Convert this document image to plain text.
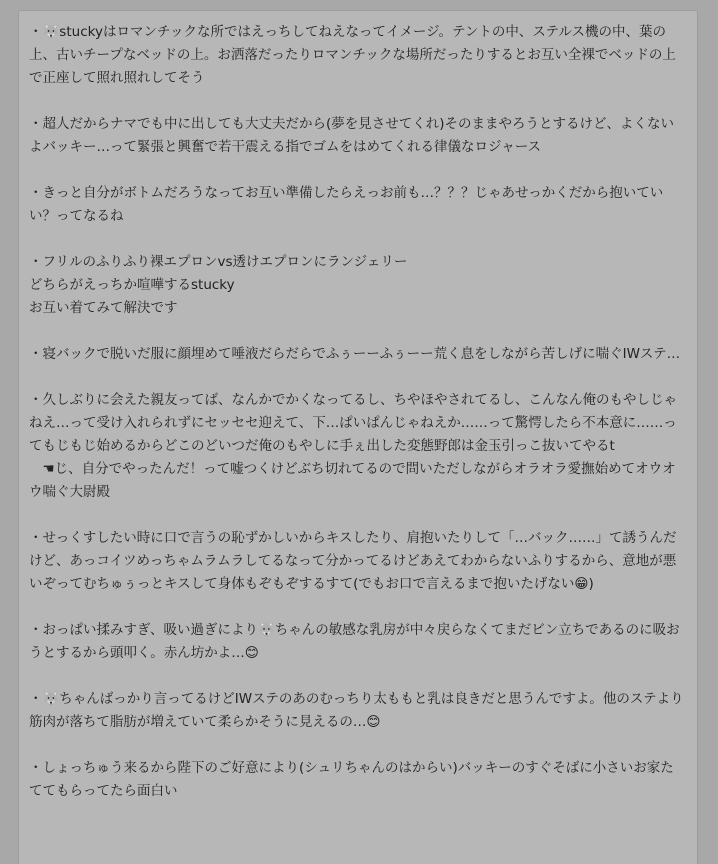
・🐺stuckyはロマンチックな所ではえっちしてねえなってイメージ。テントの中、ステルス機の中、葉の上、古いチープなベッドの上。お洒落だったりロマンチックな場所だったりするとお互い全裸でベッドの上で正座して照れ照れしてそう

・超人だからナマでも中に出しても大丈夫だから(夢を見させてくれ)そのままやろうとするけど、よくないよバッキー…って緊張と興奮で若干震える指でゴムをはめてくれる律儀なロジャース

・きっと自分がボトムだろうなってお互い準備したらえっお前も…？？？じゃあせっかくだから抱いていい？ってなるね

・フリルのふりふり裸エプロンvs透けエプロンにランジェリー
どちらがえっちか喧嘩するstucky
お互い着てみて解決です

・寝バックで脱いだ服に顔埋めて唾液だらだらでふぅーーふぅーー荒く息をしながら苦しげに喘ぐIWステ…

・久しぶりに会えた親友ってば、なんかでかくなってるし、ちやほやされてるし、こんなん俺のもやしじゃねえ…って受け入れられずにセッセセ迎えて、下…ぱいぱんじゃねえか……って驚愕したら不本意に……ってもじもじ始めるからどこのどいつだ俺のもやしに手ぇ出した変態野郎は金玉引っこ抜いてやるt
　☚じ、自分でやったんだ！って嘘つくけどぶち切れてるので問いただしながらオラオラ愛撫始めてオウオウ喘ぐ大尉殿

・せっくすしたい時に口で言うの恥ずかしいからキスしたり、肩抱いたりして「…バック……」て誘うんだけど、あっコイツめっちゃムラムラしてるなって分かってるけどあえてわからないふりするから、意地が悪いぞってむちゅぅっとキスして身体もぞもぞするすて(でもお口で言えるまで抱いたげない😁)

・おっぱい揉みすぎ、吸い過ぎにより🐺ちゃんの敏感な乳房が中々戻らなくてまだビン立ちであるのに吸おうとするから頭叩く。赤ん坊かよ…😊

・🐺ちゃんばっかり言ってるけどIWステのあのむっちり太ももと乳は良きだと思うんですよ。他のステより筋肉が落ちて脂肪が増えていて柔らかそうに見えるの…😊

・しょっちゅう来るから陛下のご好意により(シュリちゃんのはからい)バッキーのすぐそばに小さいお家たててもらってたら面白い
